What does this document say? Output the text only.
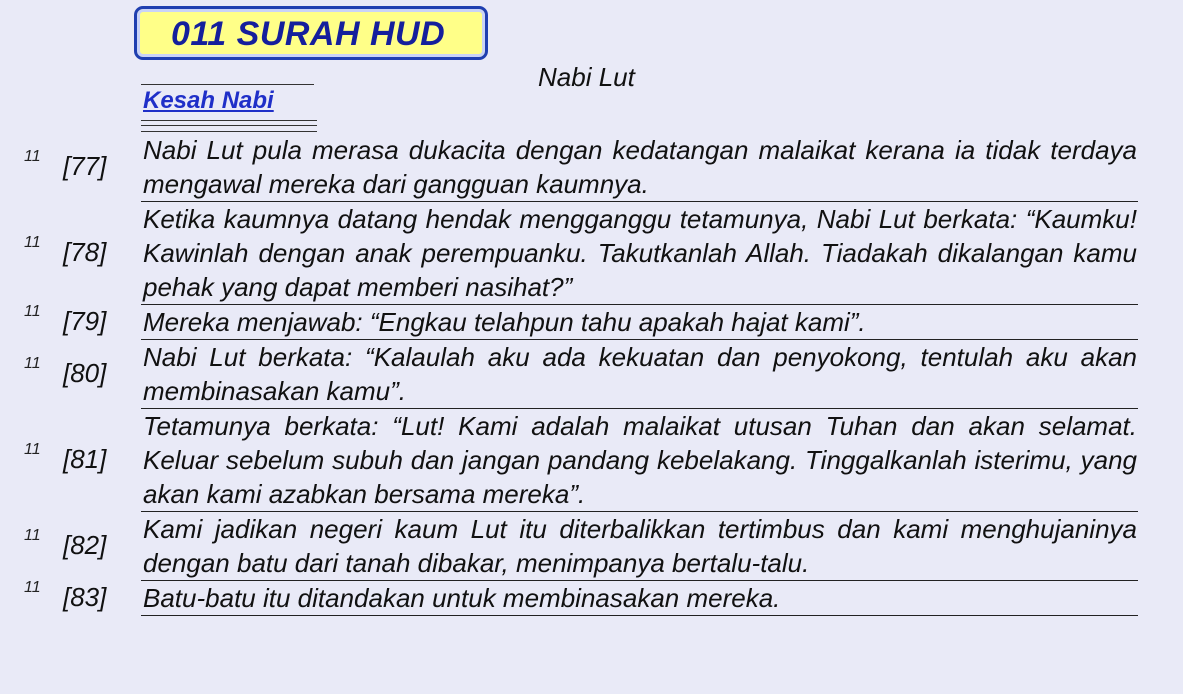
011 SURAH HUD
Nabi Lut
Kesah Nabi
11 [77]
Nabi Lut pula merasa dukacita dengan kedatangan malaikat kerana ia tidak terdaya mengawal mereka dari gangguan kaumnya.
11 [78]
Ketika kaumnya datang hendak mengganggu tetamunya, Nabi Lut berkata: “Kaumku! Kawinlah dengan anak perempuanku. Takutkanlah Allah. Tiadakah dikalangan kamu pehak yang dapat memberi nasihat?”
11 [79] Mereka menjawab: “Engkau telahpun tahu apakah hajat kami”.
11 [80]
Nabi Lut berkata: “Kalaulah aku ada kekuatan dan penyokong, tentulah aku akan membinasakan kamu”.
11 [81]
Tetamunya berkata: “Lut! Kami adalah malaikat utusan Tuhan dan akan selamat. Keluar sebelum subuh dan jangan pandang kebelakang. Tinggalkanlah isterimu, yang akan kami azabkan bersama mereka”.
11 [82]
Kami jadikan negeri kaum Lut itu diterbalikkan tertimbus dan kami menghujaninya dengan batu dari tanah dibakar, menimpanya bertalu-talu.
11 [83] Batu-batu itu ditandakan untuk membinasakan mereka.
